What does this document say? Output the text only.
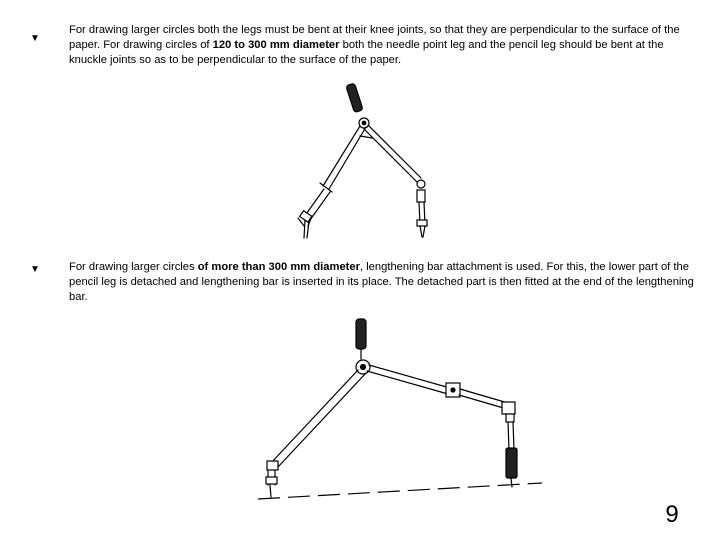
▼
For drawing larger circles both the legs must be bent at their knee joints, so that they are perpendicular to the surface of the paper. For drawing circles of 120 to 300 mm diameter both the needle point leg and the pencil leg should be bent at the knuckle joints so as to be perpendicular to the surface of the paper.
▼	For drawing larger circles of more than 300 mm diameter, lengthening bar attachment is used. For this, the lower part of the pencil leg is detached and lengthening bar is inserted in its place. The detached part is then fitted at the end of the lengthening bar.
9
